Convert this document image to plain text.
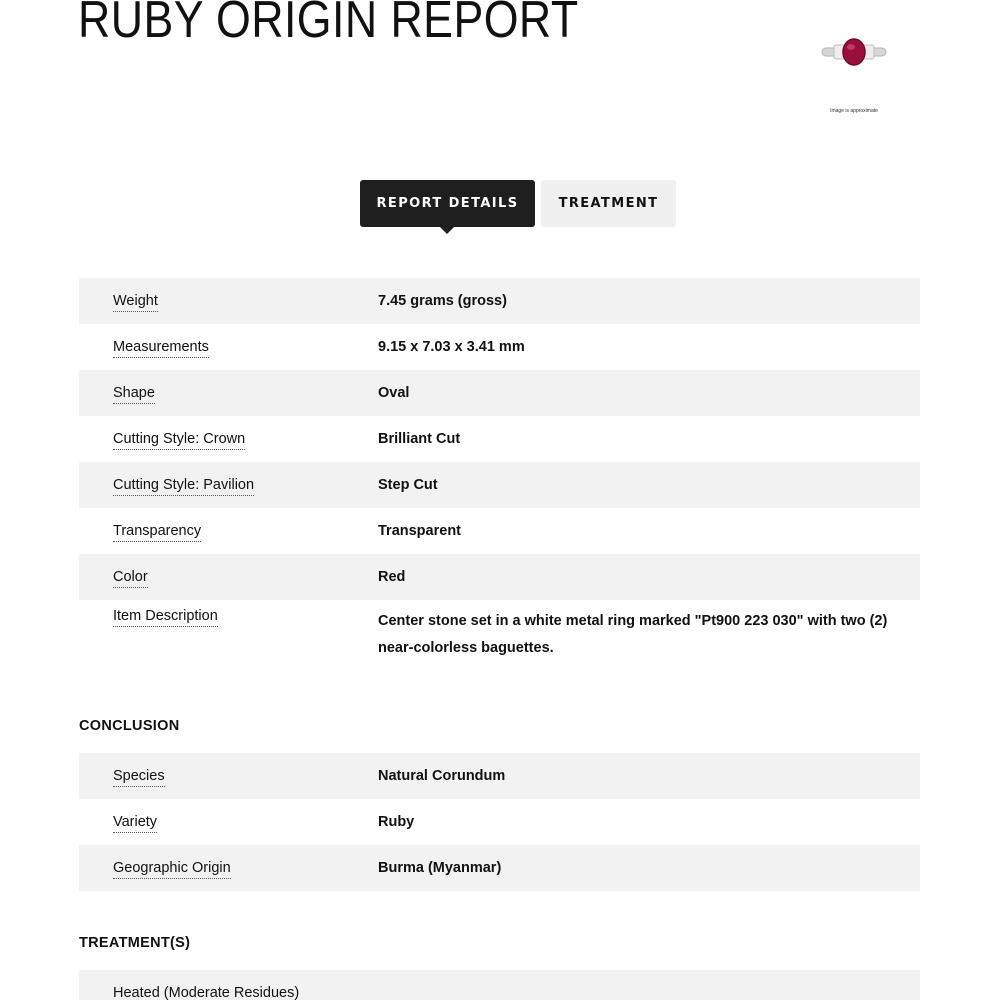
RUBY ORIGIN REPORT
Image is approximate
REPORT DETAILS	TREATMENT
Weight	7.45 grams (gross)
Measurements	9.15 x 7.03 x 3.41 mm
Shape	Oval
Cutting Style: Crown	Brilliant Cut
Cutting Style: Pavilion	Step Cut
Transparency	Transparent
Color	Red
Item Description	Center stone set in a white metal ring marked "Pt900 223 030" with two (2) near-colorless baguettes.
CONCLUSION
Species	Natural Corundum
Variety	Ruby
Geographic Origin	Burma (Myanmar)
TREATMENT(S)
Heated (Moderate Residues)
